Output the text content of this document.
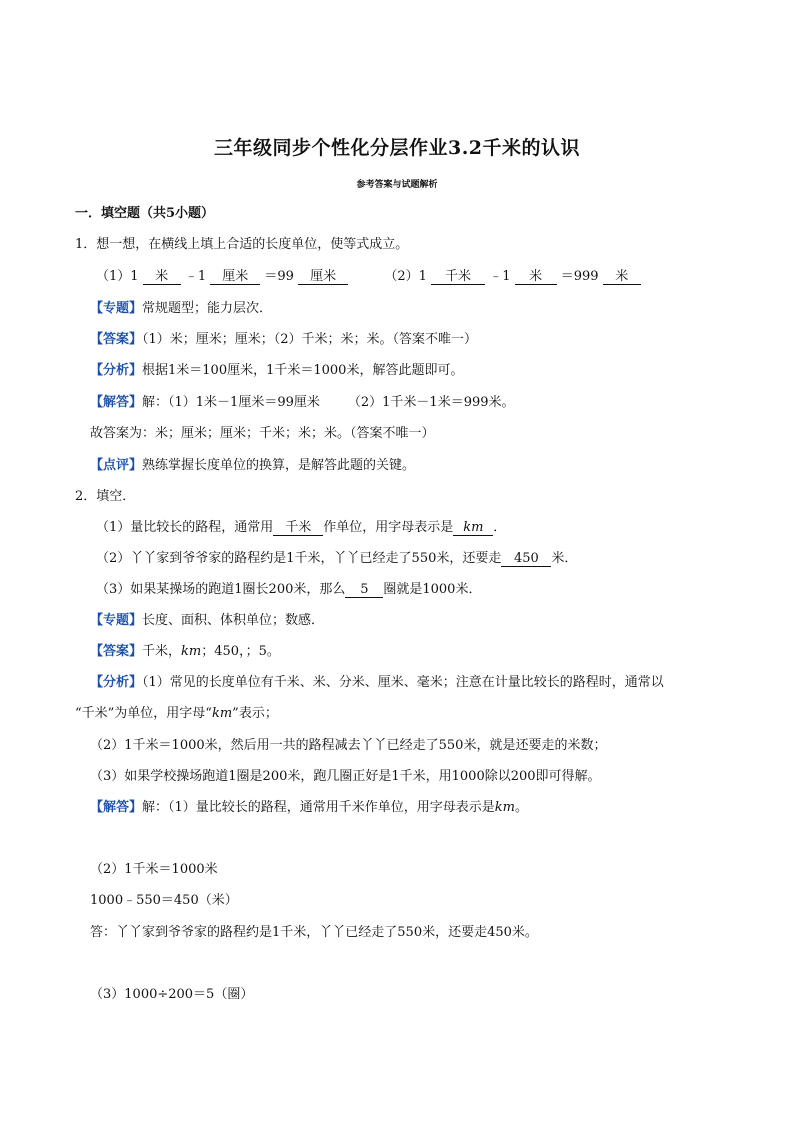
三年级同步个性化分层作业3.2千米的认识
参考答案与试题解析
一．填空题（共5小题）
1．想一想，在横线上填上合适的长度单位，使等式成立。
（1）1 米 ﹣1 厘米 ＝99 厘米	（2）1 千米 ﹣1 米 ＝999 米
【专题】常规题型；能力层次．
【答案】（1）米；厘米；厘米；（2）千米；米；米。（答案不唯一）
【分析】根据1米＝100厘米，1千米＝1000米，解答此题即可。
【解答】解：（1）1米－1厘米＝99厘米 （2）1千米－1米＝999米。
故答案为：米；厘米；厘米；千米；米；米。（答案不唯一）
【点评】熟练掌握长度单位的换算，是解答此题的关键。
2．填空．
（1）量比较长的路程，通常用 千米 作单位，用字母表示是 km ．
（2）丫丫家到爷爷家的路程约是1千米，丫丫已经走了550米，还要走 450 米．
（3）如果某操场的跑道1圈长200米，那么 5 圈就是1000米．
【专题】长度、面积、体积单位；数感．
【答案】千米，km；450，；5。
【分析】（1）常见的长度单位有千米、米、分米、厘米、毫米；注意在计量比较长的路程时，通常以
“千米”为单位，用字母“km”表示；
（2）1千米＝1000米，然后用一共的路程减去丫丫已经走了550米，就是还要走的米数；
（3）如果学校操场跑道1圈是200米，跑几圈正好是1千米，用1000除以200即可得解。
【解答】解：（1）量比较长的路程，通常用千米作单位，用字母表示是km。
（2）1千米＝1000米
1000﹣550＝450（米）
答：丫丫家到爷爷家的路程约是1千米，丫丫已经走了550米，还要走450米。
（3）1000÷200＝5（圈）
